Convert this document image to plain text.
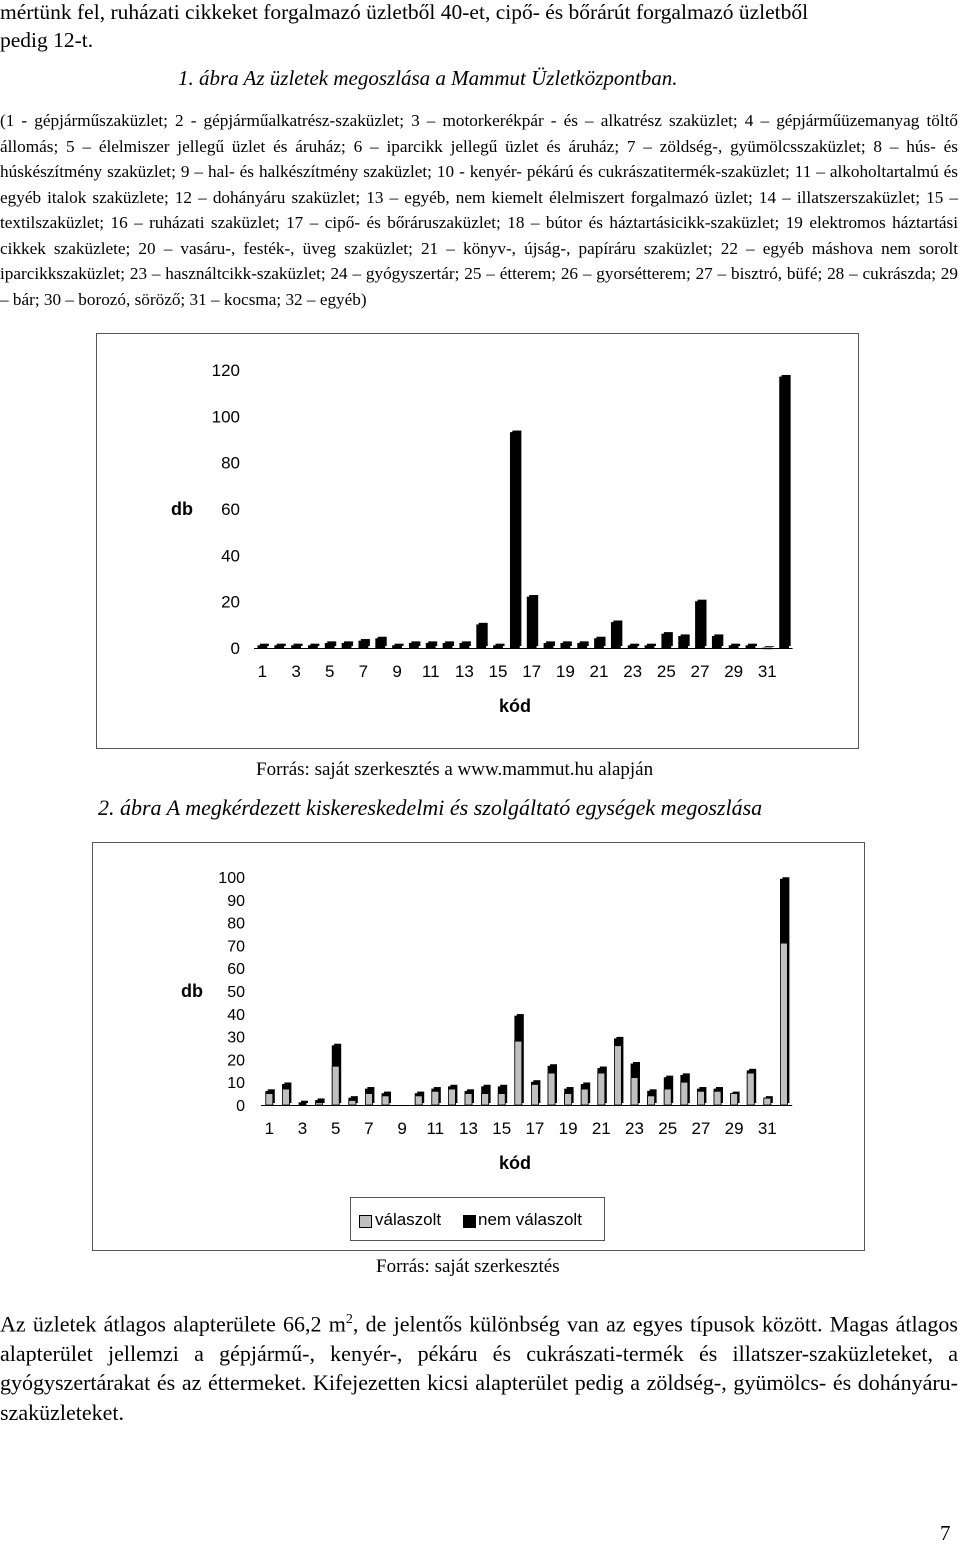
mértünk fel, ruházati cikkeket forgalmazó üzletből 40-et, cipő- és bőrárút forgalmazó üzletből
pedig 12-t.
1. ábra Az üzletek megoszlása a Mammut Üzletközpontban.
(1 - gépjárműszaküzlet; 2 - gépjárműalkatrész-szaküzlet; 3 – motorkerékpár - és – alkatrész szaküzlet; 4 – gépjárműüzemanyag töltő állomás; 5 – élelmiszer jellegű üzlet és áruház; 6 – iparcikk jellegű üzlet és áruház; 7 – zöldség-, gyümölcsszaküzlet; 8 – hús- és húskészítmény szaküzlet; 9 – hal- és halkészítmény szaküzlet; 10 - kenyér- pékárú és cukrászatitermék-szaküzlet; 11 – alkoholtartalmú és egyéb italok szaküzlete; 12 – dohányáru szaküzlet; 13 – egyéb, nem kiemelt élelmiszert forgalmazó üzlet; 14 – illatszerszaküzlet; 15 – textilszaküzlet; 16 – ruházati szaküzlet; 17 – cipő- és bőráruszaküzlet; 18 – bútor és háztartásicikk-szaküzlet; 19 elektromos háztartási cikkek szaküzlete; 20 – vasáru-, festék-, üveg szaküzlet; 21 – könyv-, újság-, papíráru szaküzlet; 22 – egyéb máshova nem sorolt iparcikkszaküzlet; 23 – használtcikk-szaküzlet; 24 – gyógyszertár; 25 – étterem; 26 – gyorsétterem; 27 – bisztró, büfé; 28 – cukrászda; 29 – bár; 30 – borozó, söröző; 31 – kocsma; 32 – egyéb)
db
kód
0
20
40
60
80
100
120
1 3 5 7 9 11 13 15 17 19 21 23 25 27 29 31
Forrás: saját szerkesztés a www.mammut.hu alapján
2. ábra A megkérdezett kiskereskedelmi és szolgáltató egységek megoszlása
db
kód
0
10
20
30
40
50
60
70
80
90
100
1 3 5 7 9 11 13 15 17 19 21 23 25 27 29 31
válaszolt nem válaszolt
Forrás: saját szerkesztés
Az üzletek átlagos alapterülete 66,2 $m^2$, de jelentős különbség van az egyes típusok között. Magas átlagos alapterület jellemzi a gépjármű-, kenyér-, pékáru és cukrászati-termék és illatszer-szaküzleteket, a gyógyszertárakat és az éttermeket. Kifejezetten kicsi alapterület pedig a zöldség-, gyümölcs- és dohányáru-szaküzleteket.
7
